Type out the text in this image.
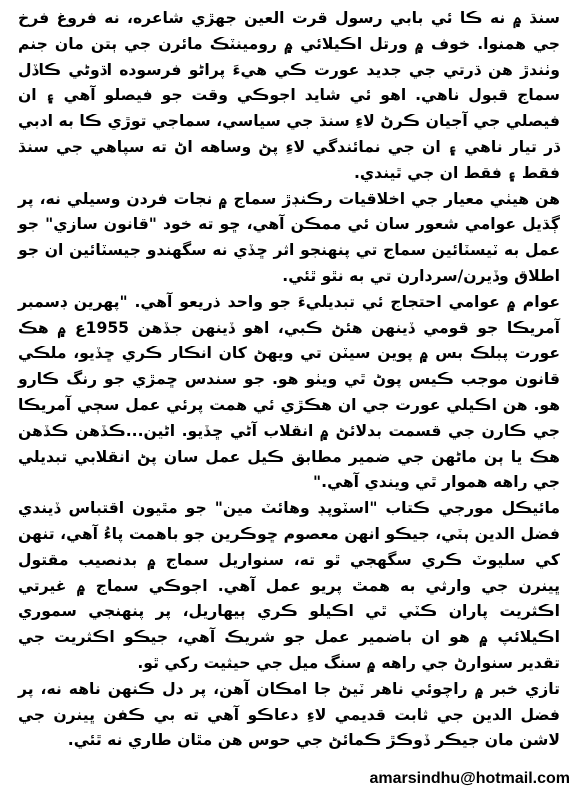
سنڌ ۾ نه ڪا ئي بابي رسول قرت العين جهڙي شاعره، نه فروغ فرخ جي همنوا. خوف ۾ ورتل اڪيلائي ۾ رومينٽڪ مائرن جي ٻتن مان جنم وٺندڙ هن ڌرتي جي جديد عورت ڪي هيءَ پراڻو فرسوده اڌوڻي ڪاڏل سماج قبول ناهي. اهو ئي شايد اجوڪي وقت جو فيصلو آهي ۽ ان فيصلي جي آجيان ڪرڻ لاءِ سنڌ جي سياسي، سماجي توڙي ڪا به ادبي ڌر تيار ناهي ۽ ان جي نمائندگي لاءِ پڻ وساهه اڻ ته سپاهي جي سنڌ فقط ۽ فقط ان جي ٿيندي.

هن هيٺي معيار جي اخلاقيات رڪنڊڙ سماج ۾ نجات فردن وسيلي نه، پر ڳڌيل عوامي شعور سان ئي ممڪن آهي، ڇو ته خود "قانون سازي" جو عمل به ٽيسٽائين سماج تي پنهنجو اثر ڇڏي نه سگهندو جيسٽائين ان جو اطلاق وڏيرن/سردارن تي به نٿو ٿئي.

عوام ۾ عوامي احتجاج ئي تبديليءَ جو واحد ذريعو آهي. "پهرين ڊسمبر آمريڪا جو قومي ڏينهن هئڻ ڪبي، اهو ڏينهن جڏهن 1955ع ۾ هڪ عورت پبلڪ بس ۾ پوين سيٽن تي ويهڻ کان انڪار ڪري ڇڏيو، ملڪي قانون موجب ڪيس پوڻ ٿي ويٺو هو. جو سندس ڇمڙي جو رنگ ڪارو هو. هن اڪيلي عورت جي ان هڪڙي ئي همت پرئي عمل سڄي آمريڪا جي ڪارن جي قسمت بدلائڻ ۾ انقلاب آڻي ڇڏيو. اڻين...ڪڏهن ڪڏهن هڪ يا ٻن ماڻهن جي ضمير مطابق ڪيل عمل سان پڻ انقلابي تبديلي جي راهه هموار ٿي ويندي آهي."

مائيڪل مورجي ڪتاب "اسٽوپڊ وهائٽ مين" جو مٿيون اقتباس ڏيندي فضل الدين ٻٽي، جيڪو انهن معصوم ڇوڪرين جو باهمت پاءُ آهي، تنهن کي سليوٽ ڪري سگهجي ٿو ته، سنواريل سماج ۾ بدنصيب مقتول ڀينرن جي وارثي به همٿ پريو عمل آهي. اجوڪي سماج ۾ غيرتي اڪثريت پاران ڪٽي ٿي اڪيلو ڪري ٻيهاريل، پر پنهنجي سموري اڪيلائپ ۾ هو ان باضمير عمل جو شريڪ آهي، جيڪو اڪثريت جي تقدير سنوارڻ جي راهه ۾ سنگ ميل جي حيثيت رکي ٿو.

تازي خبر ۾ راچوئي ناهر ٽيڻ جا امڪان آهن، پر دل ڪنهن ناهه نه، پر فضل الدين جي ثابت قديمي لاءِ دعاڪو آهي ته بي ڪفن ڀينرن جي لاشن مان جيڪر ڏوڪڙ ڪمائڻ جي حوس هن مٿان طاري نه ٿئي.

amarsindhu@hotmail.com
